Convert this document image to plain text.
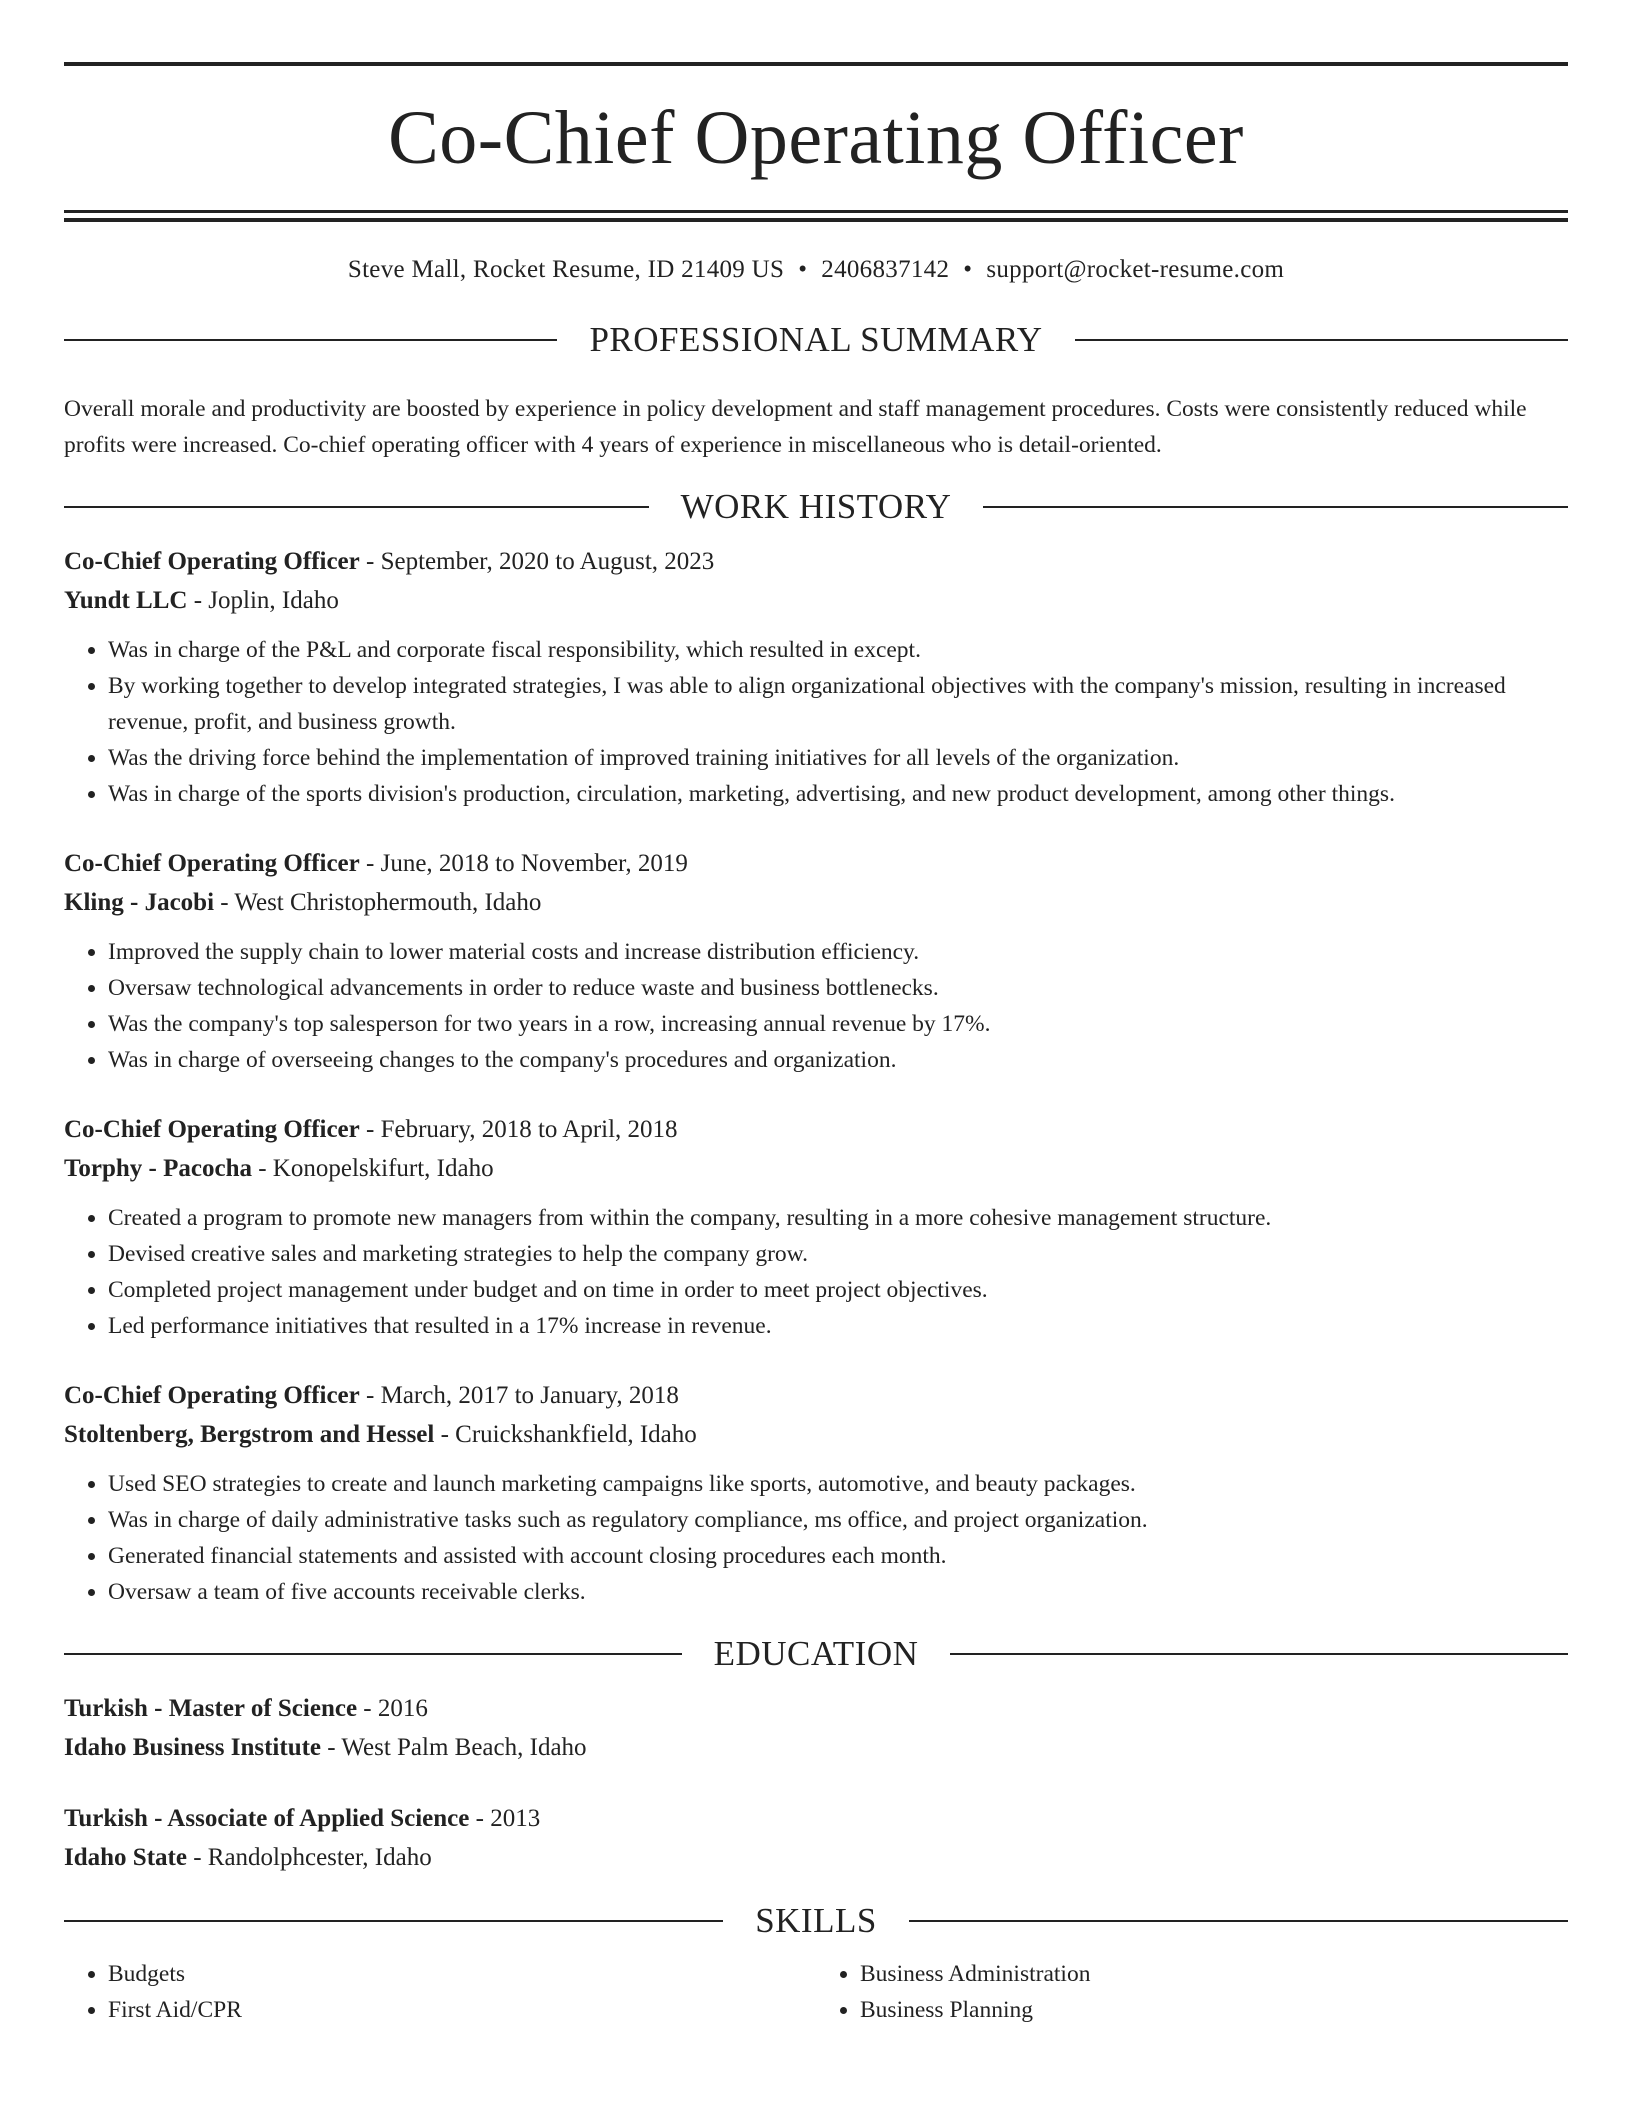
Co-Chief Operating Officer
Steve Mall, Rocket Resume, ID 21409 US • 2406837142 • support@rocket-resume.com
PROFESSIONAL SUMMARY
Overall morale and productivity are boosted by experience in policy development and staff management procedures. Costs were consistently reduced while profits were increased. Co-chief operating officer with 4 years of experience in miscellaneous who is detail-oriented.
WORK HISTORY
Co-Chief Operating Officer - September, 2020 to August, 2023
Yundt LLC - Joplin, Idaho
• Was in charge of the P&L and corporate fiscal responsibility, which resulted in except.
• By working together to develop integrated strategies, I was able to align organizational objectives with the company's mission, resulting in increased revenue, profit, and business growth.
• Was the driving force behind the implementation of improved training initiatives for all levels of the organization.
• Was in charge of the sports division's production, circulation, marketing, advertising, and new product development, among other things.
Co-Chief Operating Officer - June, 2018 to November, 2019
Kling - Jacobi - West Christophermouth, Idaho
• Improved the supply chain to lower material costs and increase distribution efficiency.
• Oversaw technological advancements in order to reduce waste and business bottlenecks.
• Was the company's top salesperson for two years in a row, increasing annual revenue by 17%.
• Was in charge of overseeing changes to the company's procedures and organization.
Co-Chief Operating Officer - February, 2018 to April, 2018
Torphy - Pacocha - Konopelskifurt, Idaho
• Created a program to promote new managers from within the company, resulting in a more cohesive management structure.
• Devised creative sales and marketing strategies to help the company grow.
• Completed project management under budget and on time in order to meet project objectives.
• Led performance initiatives that resulted in a 17% increase in revenue.
Co-Chief Operating Officer - March, 2017 to January, 2018
Stoltenberg, Bergstrom and Hessel - Cruickshankfield, Idaho
• Used SEO strategies to create and launch marketing campaigns like sports, automotive, and beauty packages.
• Was in charge of daily administrative tasks such as regulatory compliance, ms office, and project organization.
• Generated financial statements and assisted with account closing procedures each month.
• Oversaw a team of five accounts receivable clerks.
EDUCATION
Turkish - Master of Science - 2016
Idaho Business Institute - West Palm Beach, Idaho
Turkish - Associate of Applied Science - 2013
Idaho State - Randolphcester, Idaho
SKILLS
• Budgets
• First Aid/CPR
• Business Administration
• Business Planning
